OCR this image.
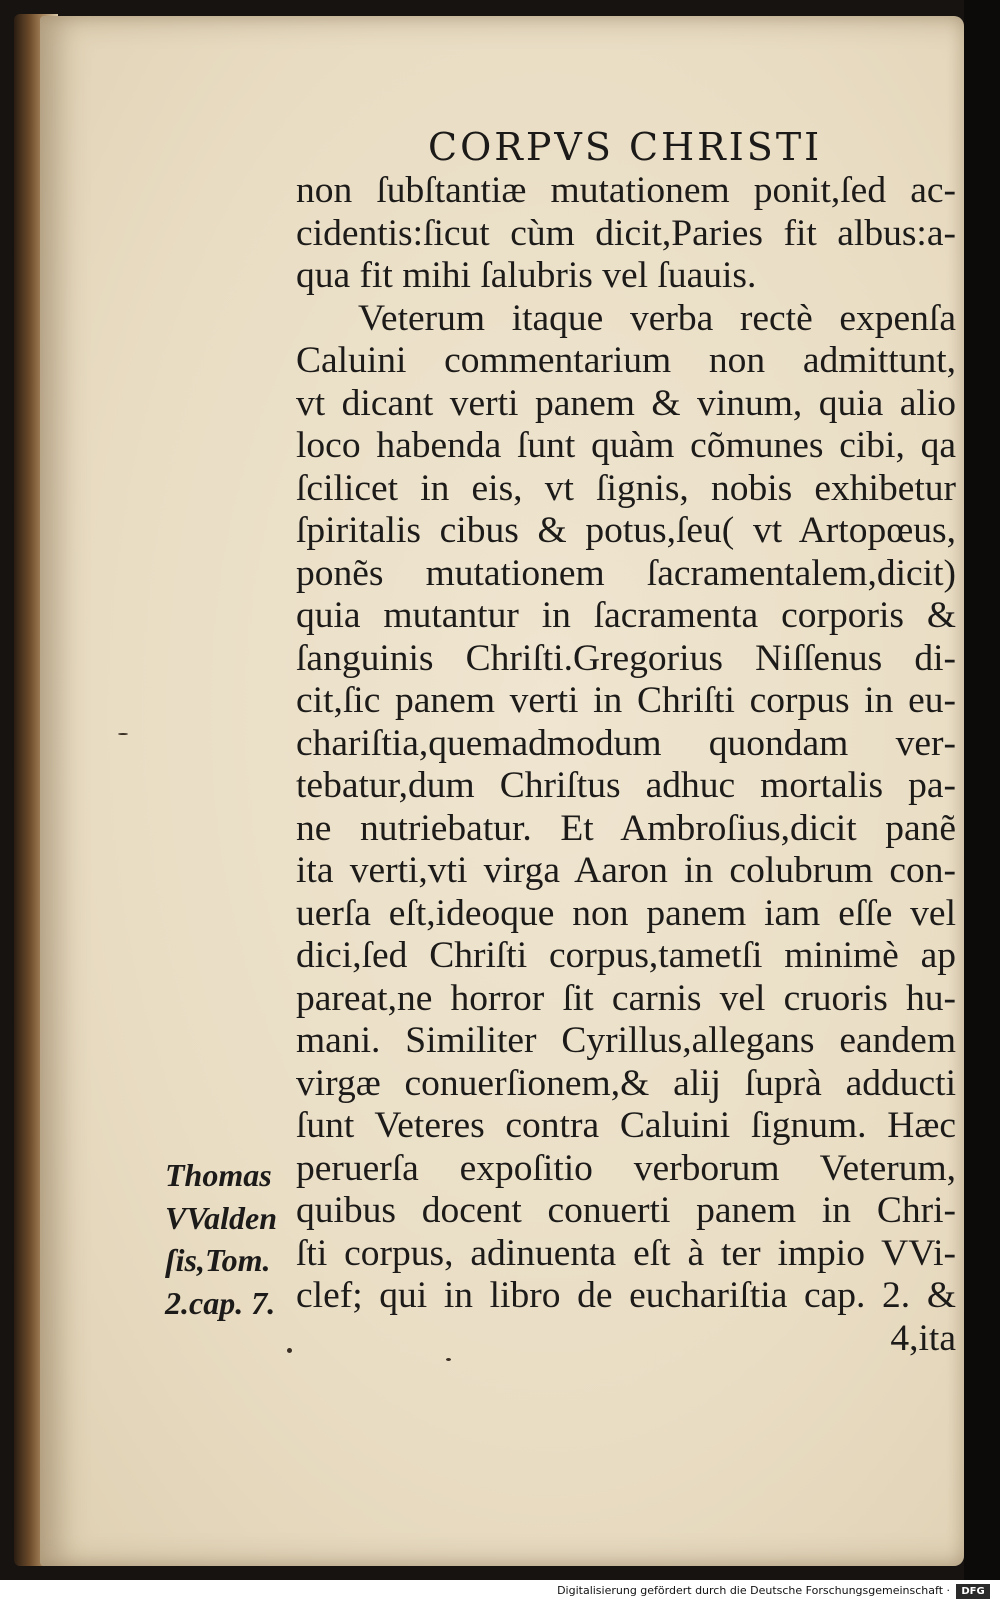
CORPVS CHRISTI
non ſubſtantiæ mutationem ponit,ſed ac‑
cidentis:ſicut cùm dicit,Paries fit albus:a‑
qua fit mihi ſalubris vel ſuauis.
Veterum itaque verba rectè expenſa
Caluini commentarium non admittunt,
vt dicant verti panem & vinum, quia alio
loco habenda ſunt quàm cõmunes cibi, qa
ſcilicet in eis, vt ſignis, nobis exhibetur
ſpiritalis cibus & potus,ſeu( vt Artopœus,
ponẽs mutationem ſacramentalem,dicit)
quia mutantur in ſacramenta corporis &
ſanguinis Chriſti.Gregorius Niſſenus di‑
cit,ſic panem verti in Chriſti corpus in eu‑
chariſtia,quemadmodum quondam ver‑
tebatur,dum Chriſtus adhuc mortalis pa‑
ne nutriebatur. Et Ambroſius,dicit panẽ
ita verti,vti virga Aaron in colubrum con‑
uerſa eſt,ideoque non panem iam eſſe vel
dici,ſed Chriſti corpus,tametſi minimè ap
pareat,ne horror ſit carnis vel cruoris hu‑
mani. Similiter Cyrillus,allegans eandem
virgæ conuerſionem,& alij ſuprà adducti
ſunt Veteres contra Caluini ſignum. Hæc
peruerſa expoſitio verborum Veterum,
quibus docent conuerti panem in Chri‑
ſti corpus, adinuenta eſt à ter impio VVi‑
clef; qui in libro de euchariſtia cap. 2. &
4,ita
Thomas
VValden
ſis,Tom.
2.cap. 7.
Digitalisierung gefördert durch die Deutsche Forschungsgemeinschaft ·	DFG
